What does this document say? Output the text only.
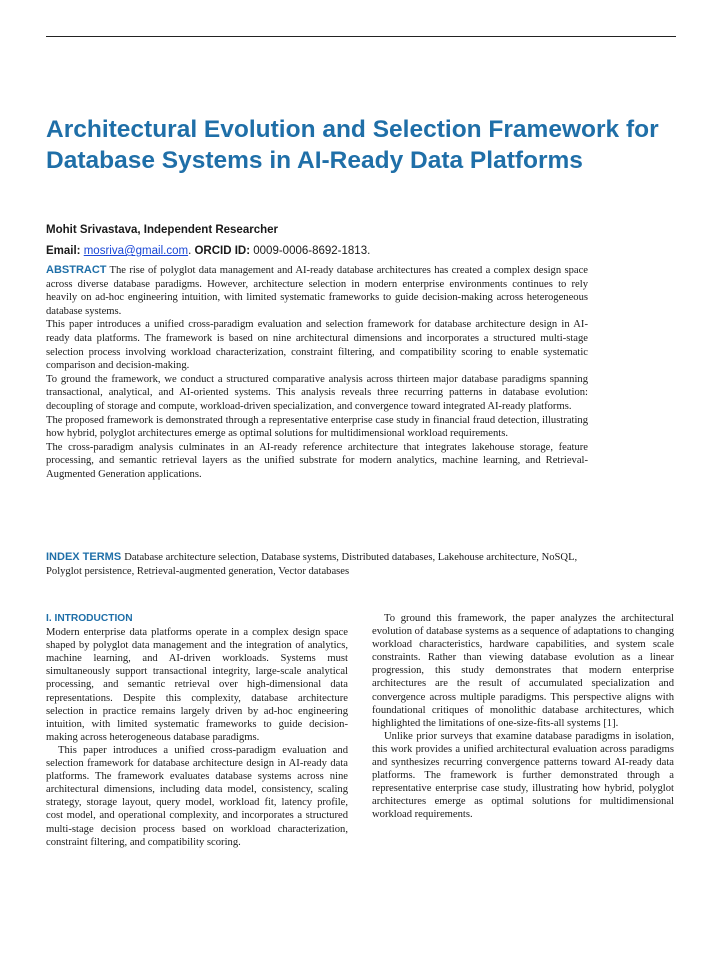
Architectural Evolution and Selection Framework for Database Systems in AI-Ready Data Platforms
Mohit Srivastava, Independent Researcher
Email: mosriva@gmail.com. ORCID ID: 0009-0006-8692-1813.

ABSTRACT The rise of polyglot data management and AI-ready database architectures has created a complex design space across diverse database paradigms. However, architecture selection in modern enterprise environments continues to rely heavily on ad-hoc engineering intuition, with limited systematic frameworks to guide decision-making across heterogeneous database systems.

This paper introduces a unified cross-paradigm evaluation and selection framework for database architecture design in AI-ready data platforms. The framework is based on nine architectural dimensions and incorporates a structured multi-stage selection process involving workload characterization, constraint filtering, and compatibility scoring to enable systematic comparison and decision-making.

To ground the framework, we conduct a structured comparative analysis across thirteen major database paradigms spanning transactional, analytical, and AI-oriented systems. This analysis reveals three recurring patterns in database evolution: decoupling of storage and compute, workload-driven specialization, and convergence toward integrated AI-ready platforms.

The proposed framework is demonstrated through a representative enterprise case study in financial fraud detection, illustrating how hybrid, polyglot architectures emerge as optimal solutions for multidimensional workload requirements.

The cross-paradigm analysis culminates in an AI-ready reference architecture that integrates lakehouse storage, feature processing, and semantic retrieval layers as the unified substrate for modern analytics, machine learning, and Retrieval-Augmented Generation applications.

INDEX TERMS Database architecture selection, Database systems, Distributed databases, Lakehouse architecture, NoSQL, Polyglot persistence, Retrieval-augmented generation, Vector databases
I. INTRODUCTION

Modern enterprise data platforms operate in a complex design space shaped by polyglot data management and the integration of analytics, machine learning, and AI-driven workloads. Systems must simultaneously support transactional integrity, large-scale analytical processing, and semantic retrieval over high-dimensional data representations. Despite this complexity, database architecture selection in practice remains largely driven by ad-hoc engineering intuition, with limited systematic frameworks to guide decision-making across heterogeneous database paradigms.

This paper introduces a unified cross-paradigm evaluation and selection framework for database architecture design in AI-ready data platforms. The framework evaluates database systems across nine architectural dimensions, including data model, consistency, scaling strategy, storage layout, query model, workload fit, latency profile, cost model, and operational complexity, and incorporates a structured multi-stage decision process based on workload characterization, constraint filtering, and compatibility scoring.

To ground this framework, the paper analyzes the architectural evolution of database systems as a sequence of adaptations to changing workload characteristics, hardware capabilities, and system scale constraints. Rather than viewing database evolution as a linear progression, this study demonstrates that modern enterprise architectures are the result of accumulated specialization and convergence across multiple paradigms. This perspective aligns with foundational critiques of monolithic database architectures, which highlighted the limitations of one-size-fits-all systems [1].

Unlike prior surveys that examine database paradigms in isolation, this work provides a unified architectural evaluation across paradigms and synthesizes recurring convergence patterns toward AI-ready data platforms. The framework is further demonstrated through a representative enterprise case study, illustrating how hybrid, polyglot architectures emerge as optimal solutions for multidimensional workload requirements.
